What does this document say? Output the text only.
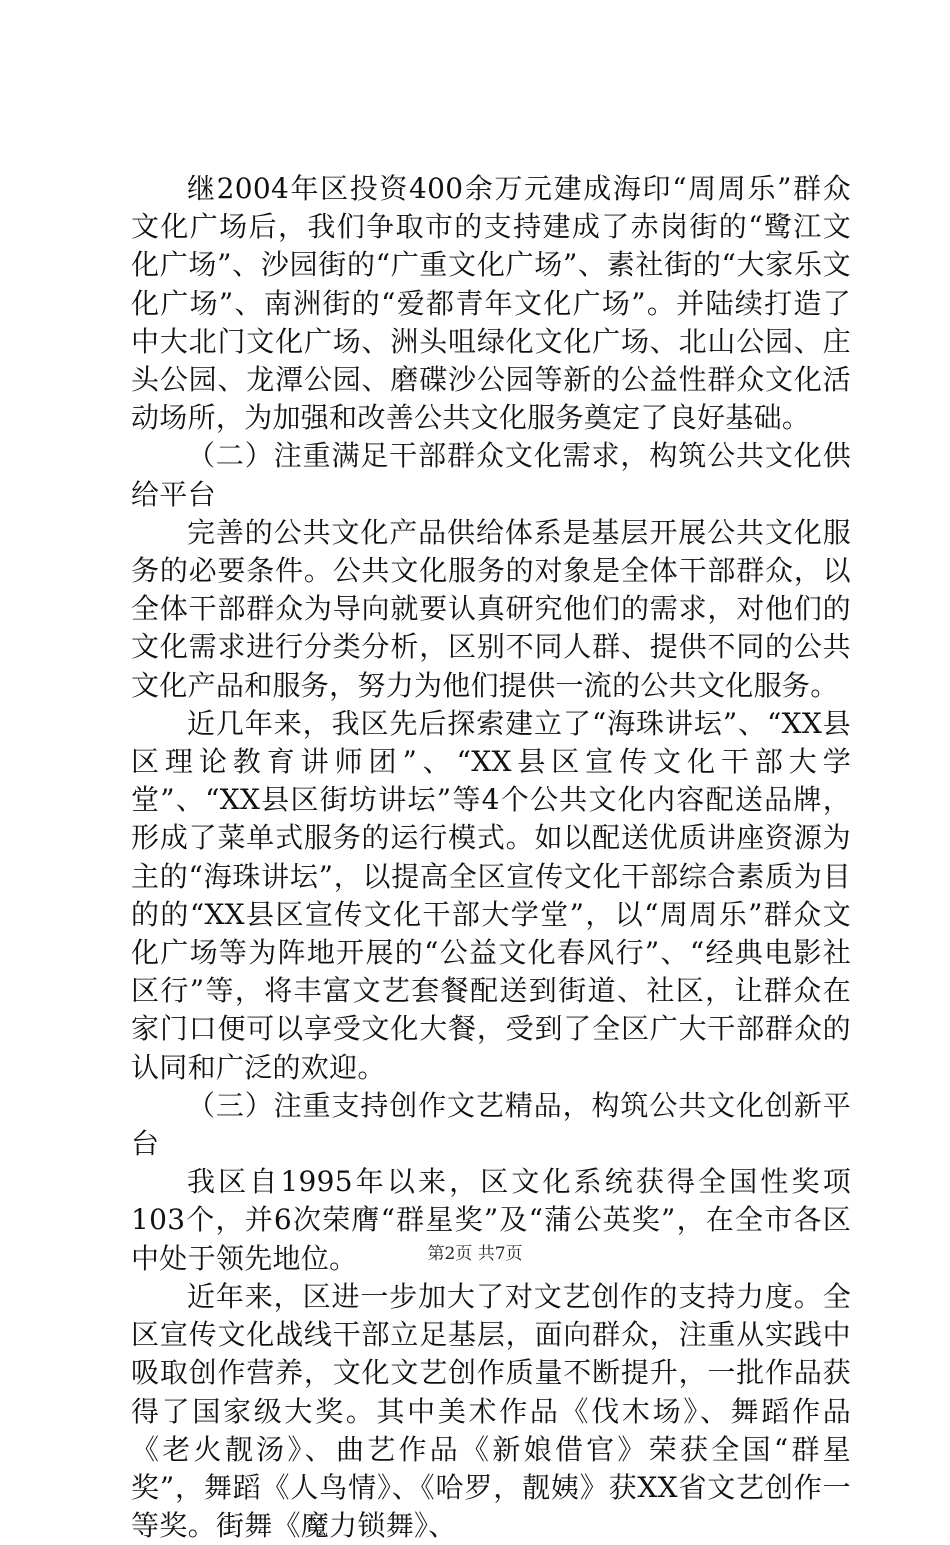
继2004年区投资400余万元建成海印“周周乐”群众文化广场后，我们争取市的支持建成了赤岗街的“鹭江文化广场”、沙园街的“广重文化广场”、素社街的“大家乐文化广场”、南洲街的“爱都青年文化广场”。并陆续打造了中大北门文化广场、洲头咀绿化文化广场、北山公园、庄头公园、龙潭公园、磨碟沙公园等新的公益性群众文化活动场所，为加强和改善公共文化服务奠定了良好基础。

（二）注重满足干部群众文化需求，构筑公共文化供给平台

完善的公共文化产品供给体系是基层开展公共文化服务的必要条件。公共文化服务的对象是全体干部群众，以全体干部群众为导向就要认真研究他们的需求，对他们的文化需求进行分类分析，区别不同人群、提供不同的公共文化产品和服务，努力为他们提供一流的公共文化服务。

近几年来，我区先后探索建立了“海珠讲坛”、“XX县区理论教育讲师团”、“XX县区宣传文化干部大学堂”、“XX县区街坊讲坛”等4个公共文化内容配送品牌，形成了菜单式服务的运行模式。如以配送优质讲座资源为主的“海珠讲坛”，以提高全区宣传文化干部综合素质为目的的“XX县区宣传文化干部大学堂”，以“周周乐”群众文化广场等为阵地开展的“公益文化春风行”、“经典电影社区行”等，将丰富文艺套餐配送到街道、社区，让群众在家门口便可以享受文化大餐，受到了全区广大干部群众的认同和广泛的欢迎。

（三）注重支持创作文艺精品，构筑公共文化创新平台

我区自1995年以来，区文化系统获得全国性奖项103个，并6次荣膺“群星奖”及“蒲公英奖”，在全市各区中处于领先地位。

近年来，区进一步加大了对文艺创作的支持力度。全区宣传文化战线干部立足基层，面向群众，注重从实践中吸取创作营养，文化文艺创作质量不断提升，一批作品获得了国家级大奖。其中美术作品《伐木场》、舞蹈作品《老火靓汤》、曲艺作品《新娘借官》荣获全国“群星奖”，舞蹈《人鸟情》、《哈罗，靓姨》获XX省文艺创作一等奖。街舞《魔力锁舞》、

第2页 共7页
